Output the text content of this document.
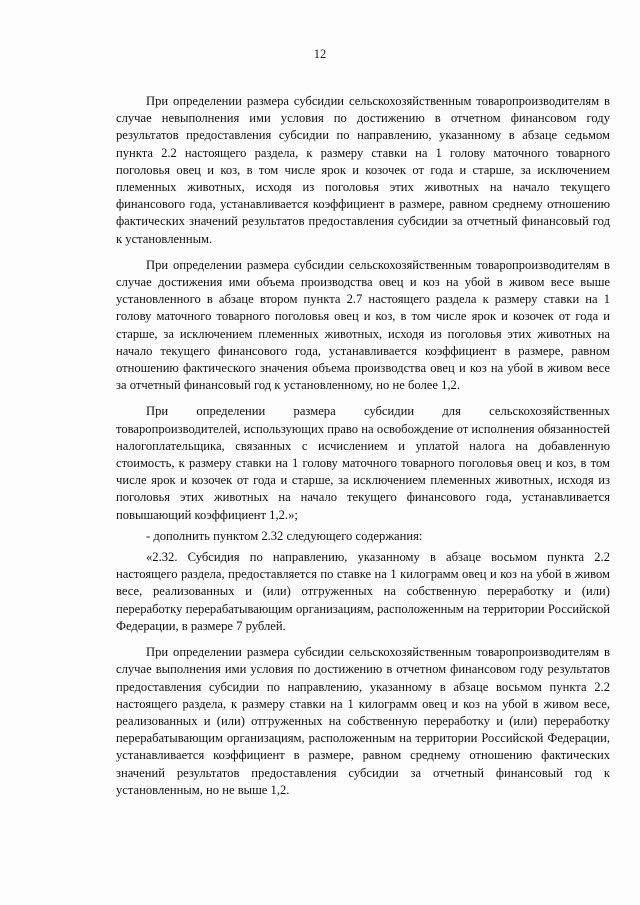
12

При определении размера субсидии сельскохозяйственным товаропроизводителям в случае невыполнения ими условия по достижению в отчетном финансовом году результатов предоставления субсидии по направлению, указанному в абзаце седьмом пункта 2.2 настоящего раздела, к размеру ставки на 1 голову маточного товарного поголовья овец и коз, в том числе ярок и козочек от года и старше, за исключением племенных животных, исходя из поголовья этих животных на начало текущего финансового года, устанавливается коэффициент в размере, равном среднему отношению фактических значений результатов предоставления субсидии за отчетный финансовый год к установленным.

При определении размера субсидии сельскохозяйственным товаропроизводителям в случае достижения ими объема производства овец и коз на убой в живом весе выше установленного в абзаце втором пункта 2.7 настоящего раздела к размеру ставки на 1 голову маточного товарного поголовья овец и коз, в том числе ярок и козочек от года и старше, за исключением племенных животных, исходя из поголовья этих животных на начало текущего финансового года, устанавливается коэффициент в размере, равном отношению фактического значения объема производства овец и коз на убой в живом весе за отчетный финансовый год к установленному, но не более 1,2.

При определении размера субсидии для сельскохозяйственных товаропроизводителей, использующих право на освобождение от исполнения обязанностей налогоплательщика, связанных с исчислением и уплатой налога на добавленную стоимость, к размеру ставки на 1 голову маточного товарного поголовья овец и коз, в том числе ярок и козочек от года и старше, за исключением племенных животных, исходя из поголовья этих животных на начало текущего финансового года, устанавливается повышающий коэффициент 1,2.»;

- дополнить пунктом 2.32 следующего содержания:

«2.32. Субсидия по направлению, указанному в абзаце восьмом пункта 2.2 настоящего раздела, предоставляется по ставке на 1 килограмм овец и коз на убой в живом весе, реализованных и (или) отгруженных на собственную переработку и (или) переработку перерабатывающим организациям, расположенным на территории Российской Федерации, в размере 7 рублей.

При определении размера субсидии сельскохозяйственным товаропроизводителям в случае выполнения ими условия по достижению в отчетном финансовом году результатов предоставления субсидии по направлению, указанному в абзаце восьмом пункта 2.2 настоящего раздела, к размеру ставки на 1 килограмм овец и коз на убой в живом весе, реализованных и (или) отгруженных на собственную переработку и (или) переработку перерабатывающим организациям, расположенным на территории Российской Федерации, устанавливается коэффициент в размере, равном среднему отношению фактических значений результатов предоставления субсидии за отчетный финансовый год к установленным, но не выше 1,2.
